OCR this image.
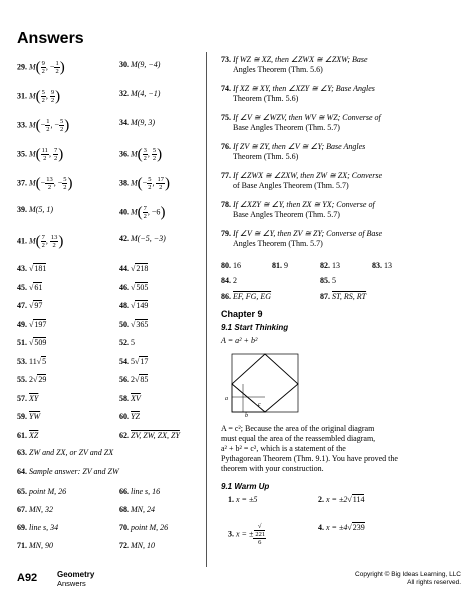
Answers
29. $M( \frac{9}{2}$ , − $\frac{1}{2}$ )	30. M(9, −4)
31. $M( \frac{5}{2}$ , $\frac{9}{2}$ )	32. M(4, −1)
33. $M(- \frac{1}{2}$ , − $\frac{5}{2}$ )	34. M(9, 3)
35. $M( \frac{11}{2}$ , $\frac{7}{2}$ )	36. $M( \frac{3}{2}$ , $\frac{5}{2}$ )
37. $M(- \frac{13}{2}$ , − $\frac{5}{2}$ )	38. $M(- \frac{5}{2}$ , $\frac{17}{2}$ )
39. M(5, 1)	40. $M( \frac{7}{2}$ , −6)
41. $M( \frac{7}{2}$ , $\frac{13}{2}$ )	42. M(−5, −3)
43. √181	44. √218
45. √61	46. √505
47. √97	48. √149
49. √197	50. √365
51. √509	52. 5
53. 11√5	54. 5√17
55. 2√29	56. 2√85
57. $\overline{XY}$	58. $\overline{XV}$
59. $\overline{YW}$	60. $\overline{YZ}$
61. $\overline{XZ}$	62. ZV, ZW, ZX, ZY
63. ZW and ZX, or ZV and ZX
64. Sample answer: ZV and ZW
65. point M, 26	66. line s, 16
67. MN, 32	68. MN, 24
69. line s, 34	70. point M, 26
71. MN, 90	72. MN, 10
73. If WZ ≅ XZ, then ∠ZWX ≅ ∠ZXW; Base
Angles Theorem (Thm. 5.6)
74. If XZ ≅ XY, then ∠XZY ≅ ∠Y; Base Angles
Theorem (Thm. 5.6)
75. If ∠V ≅ ∠WZV, then WV ≅ WZ; Converse of
Base Angles Theorem (Thm. 5.7)
76. If ZV ≅ ZY, then ∠V ≅ ∠Y; Base Angles
Theorem (Thm. 5.6)
77. If ∠ZWX ≅ ∠ZXW, then ZW ≅ ZX; Converse
of Base Angles Theorem (Thm. 5.7)
78. If ∠XZY ≅ ∠Y, then ZX ≅ YX; Converse of
Base Angles Theorem (Thm. 5.7)
79. If ∠V ≅ ∠Y, then ZV ≅ ZY; Converse of Base
Angles Theorem (Thm. 5.7)
80. 16	81. 9	82. 13	83. 13
84. 2	85. 5
86. EF, FG, EG	87. ST, RS, RT
Chapter 9
9.1 Start Thinking
A = a² + b²
a
b
c
A = c²; Because the area of the original diagram
must equal the area of the reassembled diagram,
a² + b² = c², which is a statement of the
Pythagorean Theorem (Thm. 9.1). You have proved the
theorem with your construction.
9.1 Warm Up
1. x = ±5	2. x = ±2√114
3. x = ± √
221
6	4. x = ±4√239
A92 Geometry
Answers
Copyright © Big Ideas Learning, LLC
All rights reserved.
